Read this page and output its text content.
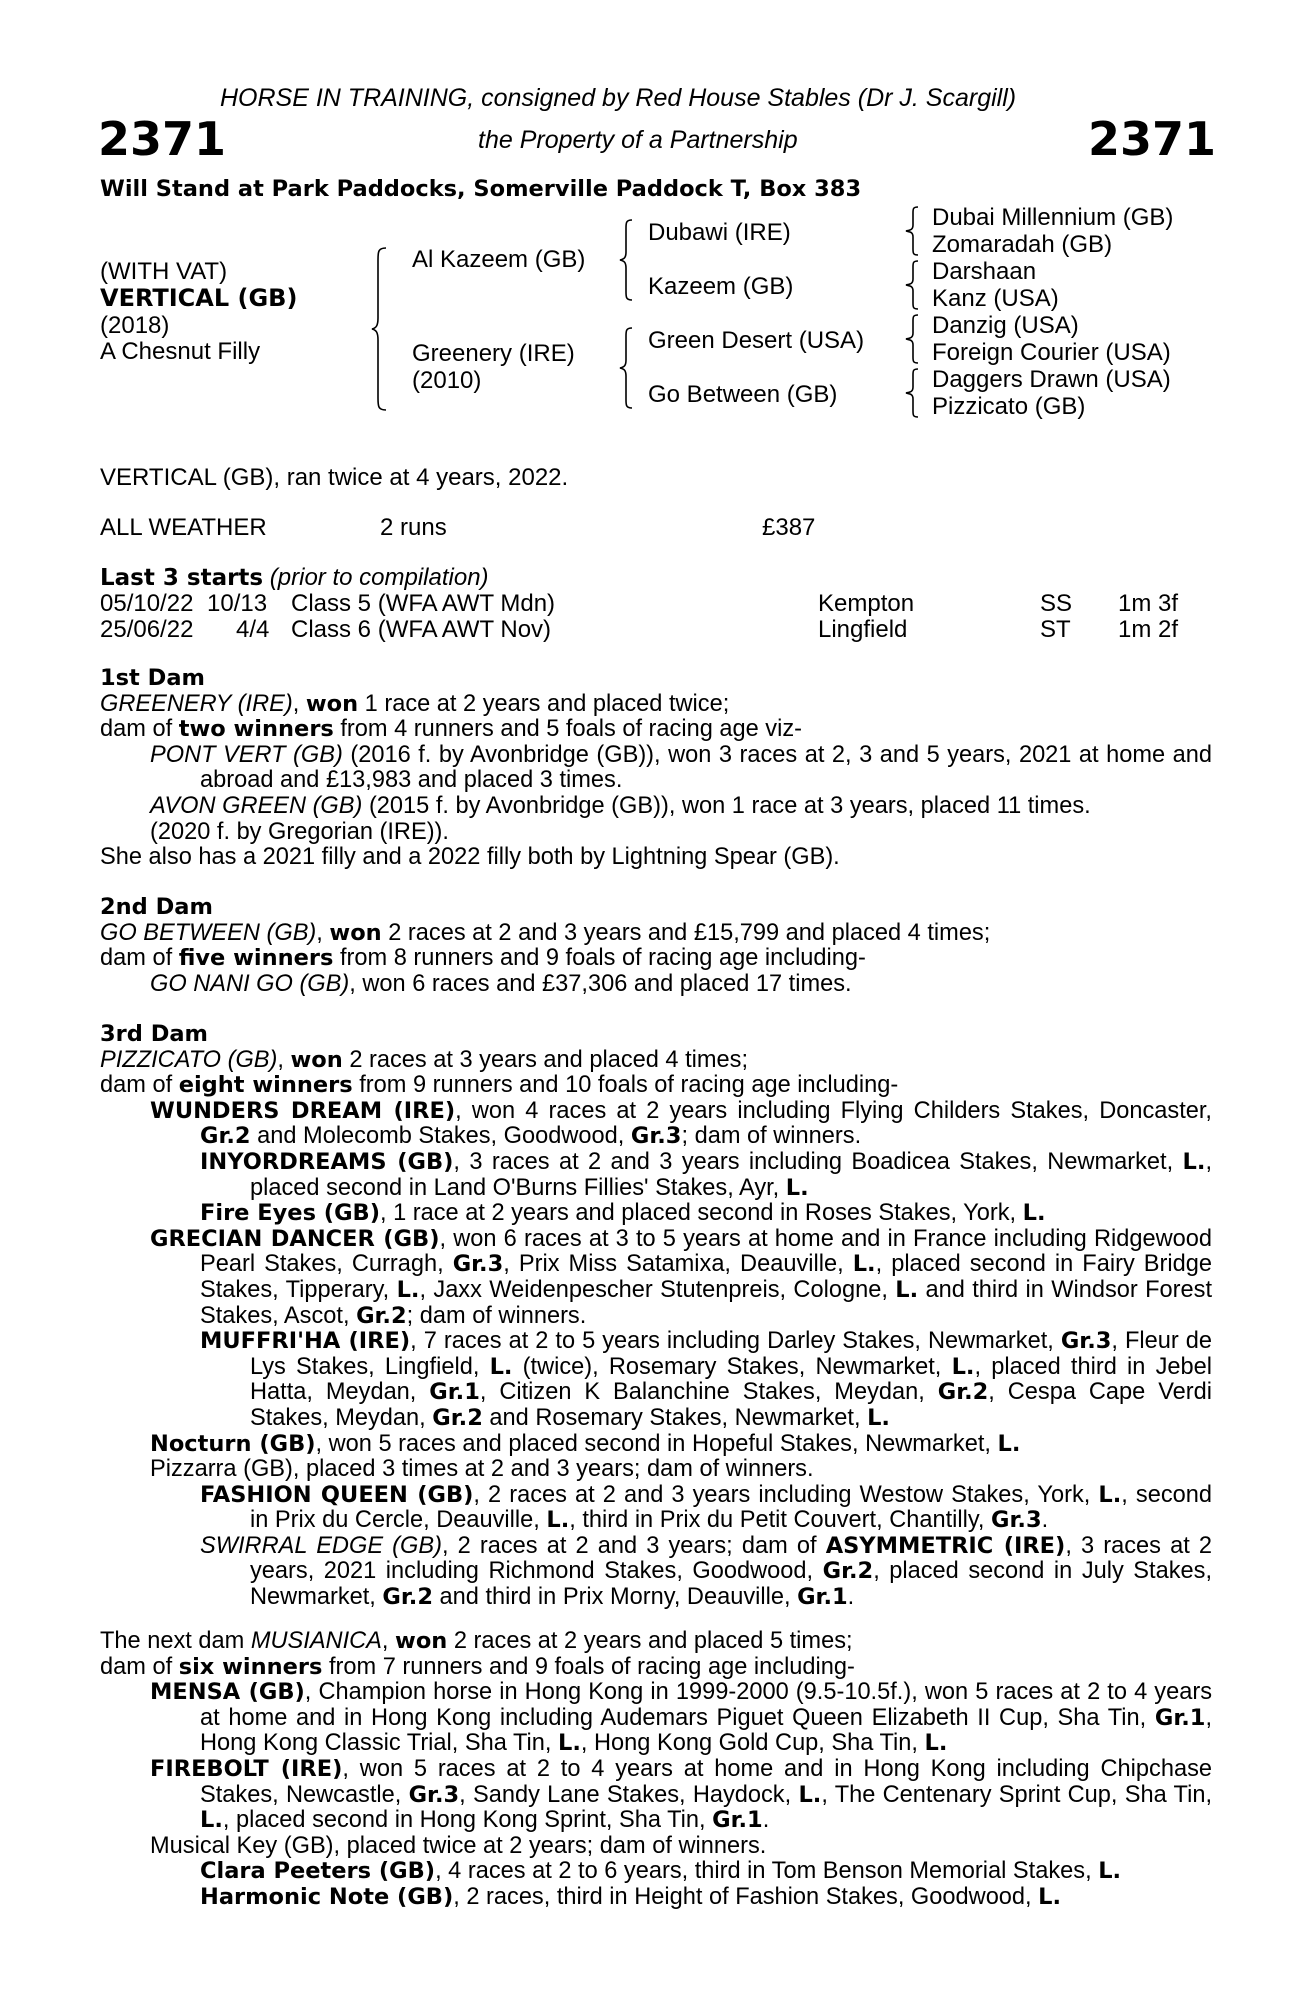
HORSE IN TRAINING, consigned by Red House Stables (Dr J. Scargill)
2371	the Property of a Partnership	2371
Will Stand at Park Paddocks, Somerville Paddock T, Box 383
(WITH VAT)
VERTICAL (GB)
(2018)
A Chesnut Filly
Al Kazeem (GB)
Greenery (IRE)
(2010)
Dubawi (IRE)
Kazeem (GB)
Green Desert (USA)
Go Between (GB)
Dubai Millennium (GB)
Zomaradah (GB)
Darshaan
Kanz (USA)
Danzig (USA)
Foreign Courier (USA)
Daggers Drawn (USA)
Pizzicato (GB)
VERTICAL (GB), ran twice at 4 years, 2022.
ALL WEATHER	2 runs	£387
Last 3 starts (prior to compilation)
05/10/22 10/13 Class 5 (WFA AWT Mdn)	Kempton	SS 1m 3f
25/06/22 4/4 Class 6 (WFA AWT Nov)	Lingfield	ST 1m 2f

1st Dam

GREENERY (IRE), won 1 race at 2 years and placed twice;

dam of two winners from 4 runners and 5 foals of racing age viz-

PONT VERT (GB) (2016 f. by Avonbridge (GB)), won 3 races at 2, 3 and 5 years, 2021 at home and abroad and £13,983 and placed 3 times.

AVON GREEN (GB) (2015 f. by Avonbridge (GB)), won 1 race at 3 years, placed 11 times.

(2020 f. by Gregorian (IRE)).

She also has a 2021 filly and a 2022 filly both by Lightning Spear (GB).

2nd Dam

GO BETWEEN (GB), won 2 races at 2 and 3 years and £15,799 and placed 4 times;

dam of five winners from 8 runners and 9 foals of racing age including-

GO NANI GO (GB), won 6 races and £37,306 and placed 17 times.

3rd Dam

PIZZICATO (GB), won 2 races at 3 years and placed 4 times;

dam of eight winners from 9 runners and 10 foals of racing age including-

WUNDERS DREAM (IRE), won 4 races at 2 years including Flying Childers Stakes, Doncaster, Gr.2 and Molecomb Stakes, Goodwood, Gr.3; dam of winners.

INYORDREAMS (GB), 3 races at 2 and 3 years including Boadicea Stakes, Newmarket, L., placed second in Land O'Burns Fillies' Stakes, Ayr, L.

Fire Eyes (GB), 1 race at 2 years and placed second in Roses Stakes, York, L.

GRECIAN DANCER (GB), won 6 races at 3 to 5 years at home and in France including Ridgewood Pearl Stakes, Curragh, Gr.3, Prix Miss Satamixa, Deauville, L., placed second in Fairy Bridge Stakes, Tipperary, L., Jaxx Weidenpescher Stutenpreis, Cologne, L. and third in Windsor Forest Stakes, Ascot, Gr.2; dam of winners.

MUFFRI'HA (IRE), 7 races at 2 to 5 years including Darley Stakes, Newmarket, Gr.3, Fleur de Lys Stakes, Lingfield, L. (twice), Rosemary Stakes, Newmarket, L., placed third in Jebel Hatta, Meydan, Gr.1, Citizen K Balanchine Stakes, Meydan, Gr.2, Cespa Cape Verdi Stakes, Meydan, Gr.2 and Rosemary Stakes, Newmarket, L.

Nocturn (GB), won 5 races and placed second in Hopeful Stakes, Newmarket, L.

Pizzarra (GB), placed 3 times at 2 and 3 years; dam of winners.

FASHION QUEEN (GB), 2 races at 2 and 3 years including Westow Stakes, York, L., second in Prix du Cercle, Deauville, L., third in Prix du Petit Couvert, Chantilly, Gr.3.

SWIRRAL EDGE (GB), 2 races at 2 and 3 years; dam of ASYMMETRIC (IRE), 3 races at 2 years, 2021 including Richmond Stakes, Goodwood, Gr.2, placed second in July Stakes, Newmarket, Gr.2 and third in Prix Morny, Deauville, Gr.1.

The next dam MUSIANICA, won 2 races at 2 years and placed 5 times;

dam of six winners from 7 runners and 9 foals of racing age including-

MENSA (GB), Champion horse in Hong Kong in 1999-2000 (9.5-10.5f.), won 5 races at 2 to 4 years at home and in Hong Kong including Audemars Piguet Queen Elizabeth II Cup, Sha Tin, Gr.1, Hong Kong Classic Trial, Sha Tin, L., Hong Kong Gold Cup, Sha Tin, L.

FIREBOLT (IRE), won 5 races at 2 to 4 years at home and in Hong Kong including Chipchase Stakes, Newcastle, Gr.3, Sandy Lane Stakes, Haydock, L., The Centenary Sprint Cup, Sha Tin, L., placed second in Hong Kong Sprint, Sha Tin, Gr.1.

Musical Key (GB), placed twice at 2 years; dam of winners.

Clara Peeters (GB), 4 races at 2 to 6 years, third in Tom Benson Memorial Stakes, L.

Harmonic Note (GB), 2 races, third in Height of Fashion Stakes, Goodwood, L.
